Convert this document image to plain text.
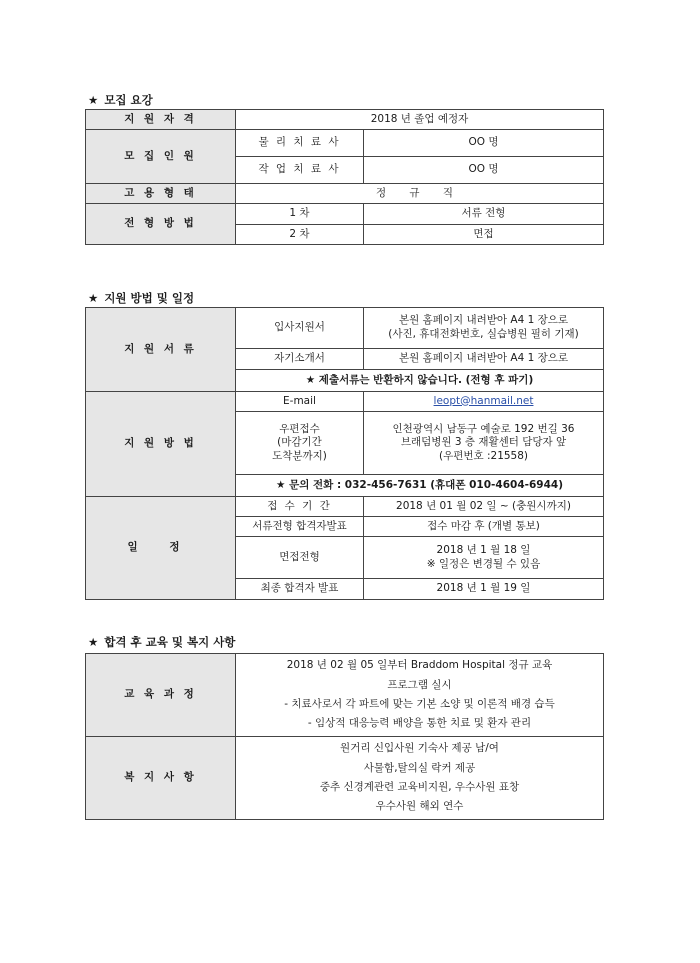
★ 모집 요강
지 원 자 격	2018 년 졸업 예정자	
모 집 인 원	물 리 치 료 사	OO 명
	작 업 치 료 사	OO 명
고 용 형 태	정 규 직	
전 형 방 법	1 차	서류 전형
	2 차	면접
★ 지원 방법 및 일정
지 원 서 류	입사지원서	본원 홈페이지 내려받아 A4 1 장으로
(사진, 휴대전화번호, 실습병원 필히 기재)

	자기소개서	본원 홈페이지 내려받아 A4 1 장으로
	★ 제출서류는 반환하지 않습니다. (전형 후 파기)	
지 원 방 법	E-mail	leopt@hanmail.net

	우편접수
(마감기간
도착분까지)	인천광역시 남동구 예술로 192 번길 36
브래덤병원 3 층 재활센터 담당자 앞
(우편번호 :21558)

	★ 문의 전화 : 032-456-7631 (휴대폰 010-4604-6944)	
일 정	접 수 기 간	2018 년 01 월 02 일 ~ (충원시까지)
	서류전형 합격자발표	접수 마감 후 (개별 통보)
	면접전형	2018 년 1 월 18 일
※ 일정은 변경될 수 있음

	최종 합격자 발표	2018 년 1 월 19 일
★ 합격 후 교육 및 복지 사항
교 육 과 정	2018 년 02 월 05 일부터 Braddom Hospital 정규 교육
프로그램 실시
- 치료사로서 각 파트에 맞는 기본 소양 및 이론적 배경 습득
- 임상적 대응능력 배양을 통한 치료 및 환자 관리

복 지 사 항	원거리 신입사원 기숙사 제공 남/여
사물함,탈의실 락커 제공
중추 신경계관련 교육비지원, 우수사원 표창
우수사원 해외 연수
